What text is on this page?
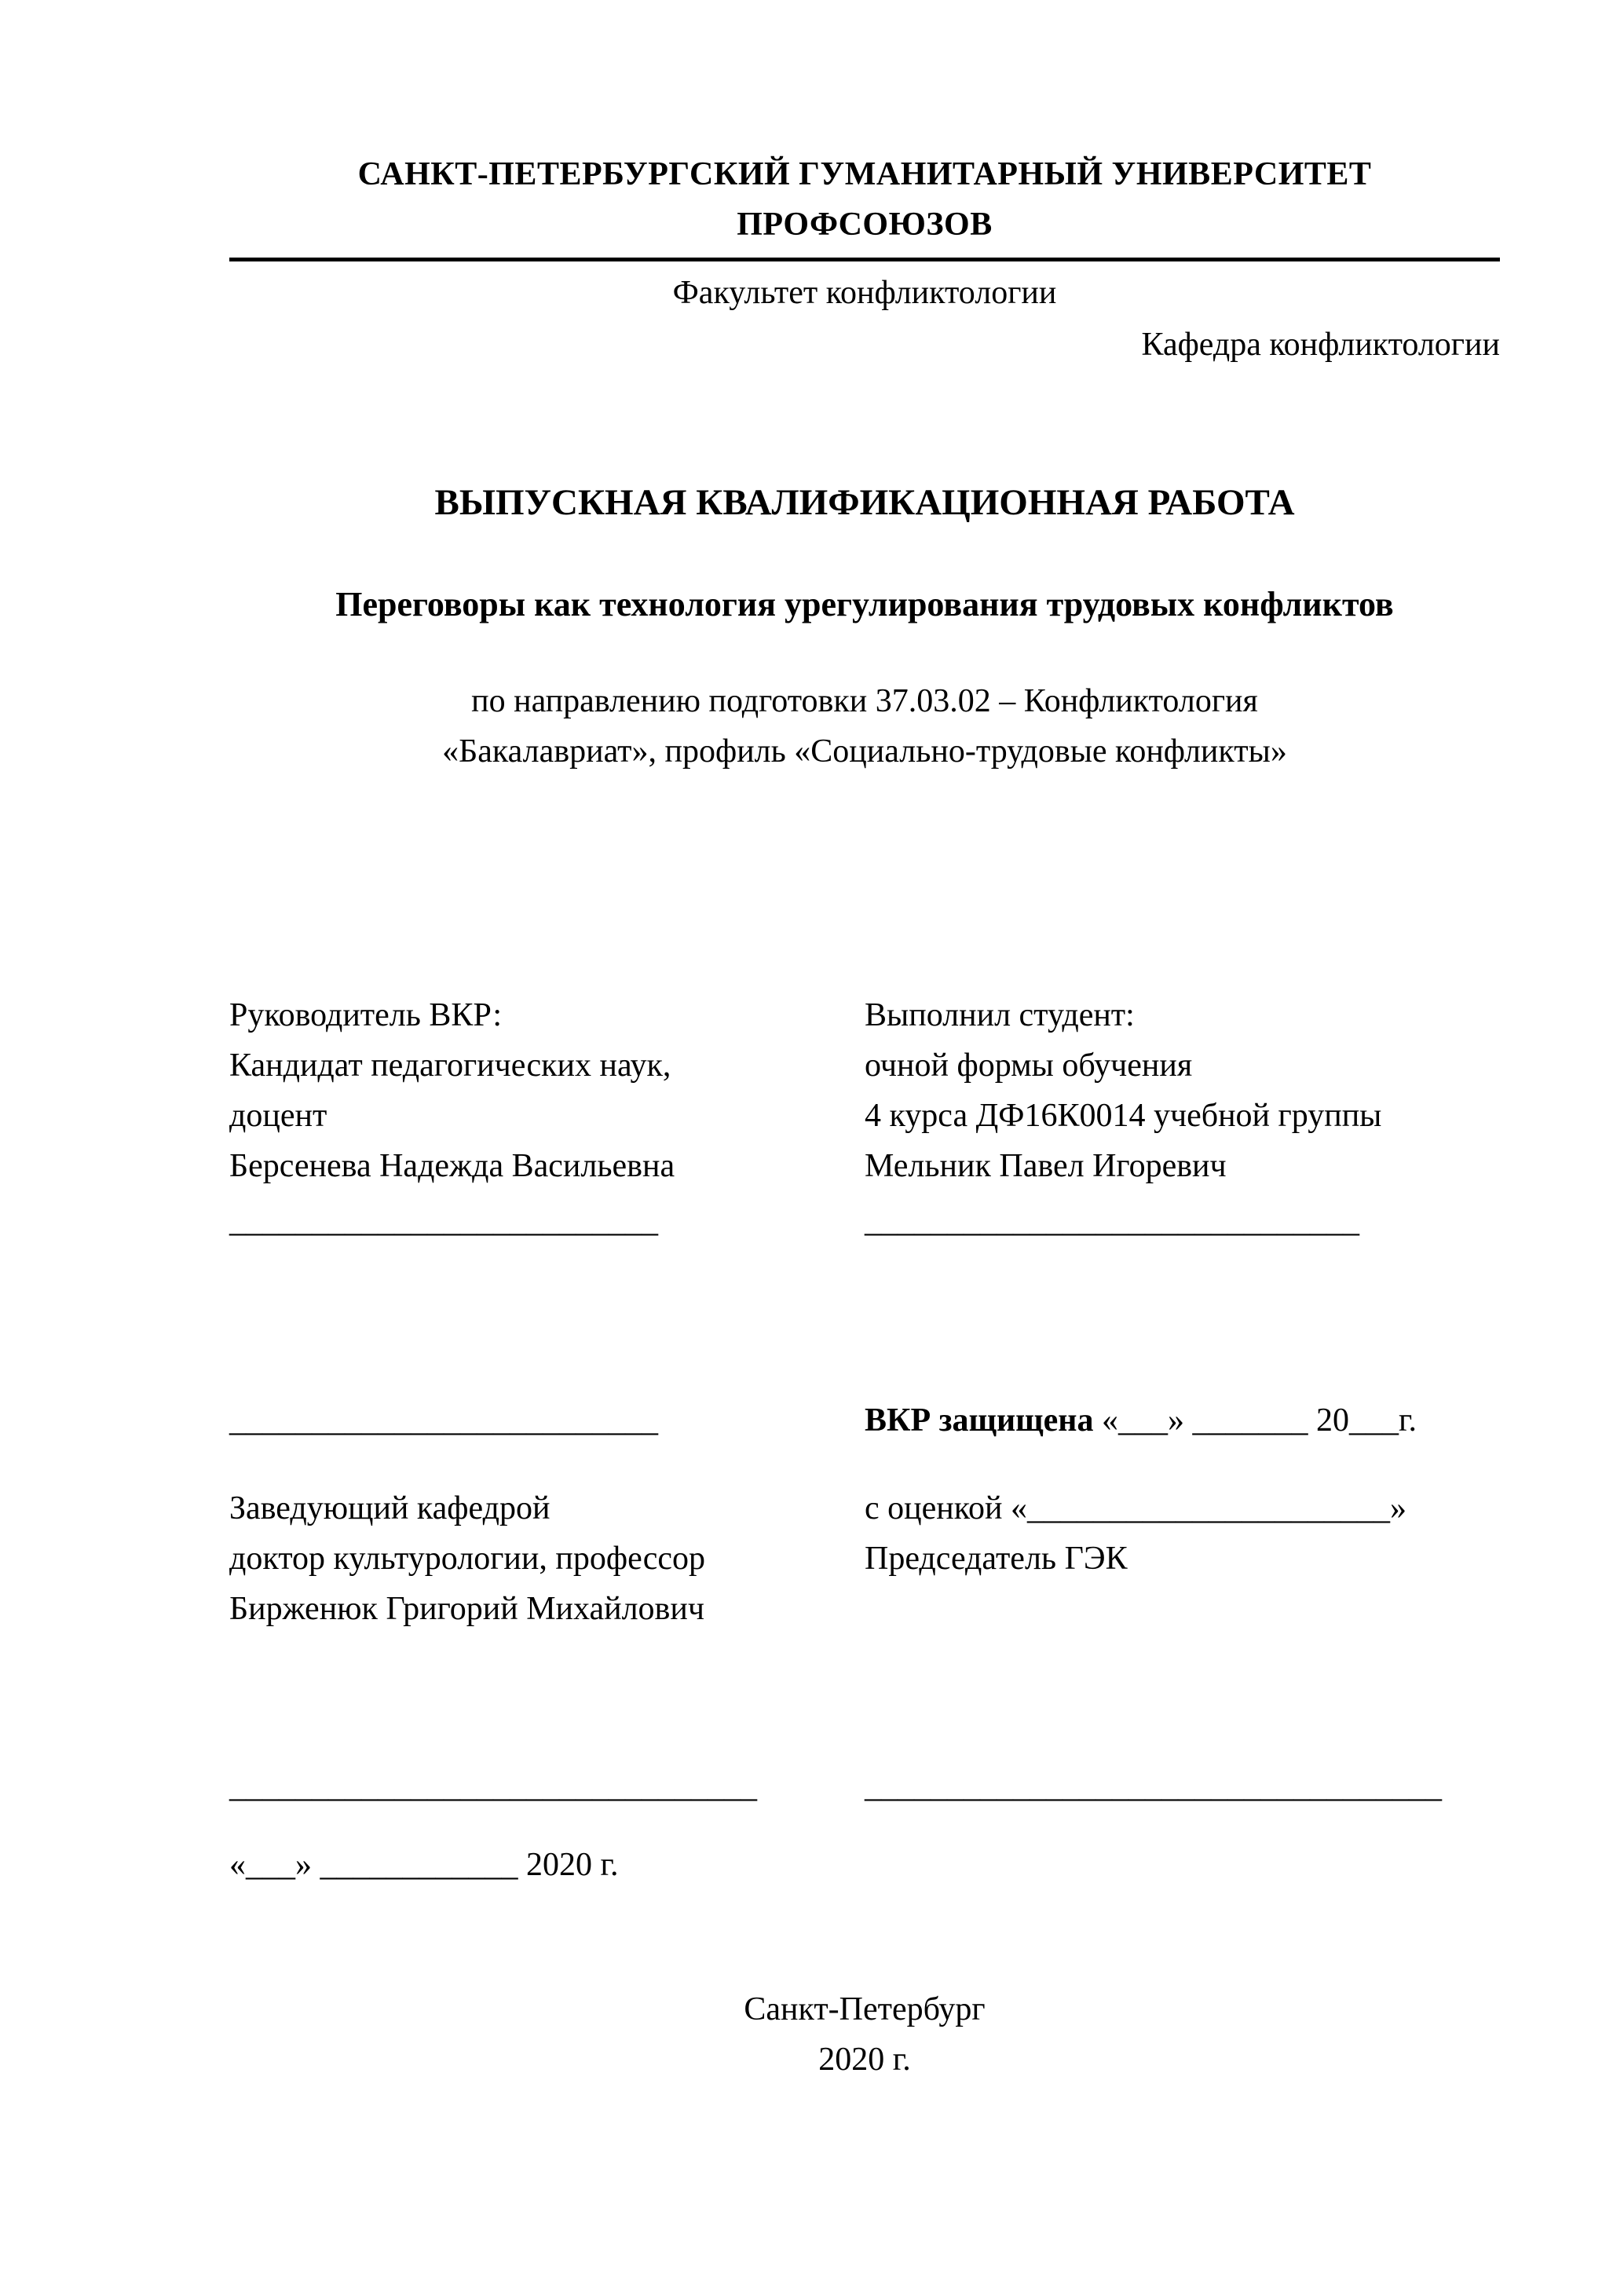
САНКТ-ПЕТЕРБУРГСКИЙ ГУМАНИТАРНЫЙ УНИВЕРСИТЕТ ПРОФСОЮЗОВ
Факультет конфликтологии
Кафедра конфликтологии
ВЫПУСКНАЯ КВАЛИФИКАЦИОННАЯ РАБОТА
Переговоры как технология урегулирования трудовых конфликтов
по направлению подготовки 37.03.02 – Конфликтология
«Бакалавриат», профиль «Социально-трудовые конфликты»
Руководитель ВКР:
Кандидат педагогических наук,
доцент
Берсенева Надежда Васильевна
__________________________
Выполнил студент:
очной формы обучения
4 курса ДФ16К0014 учебной группы
Мельник Павел Игоревич
______________________________
__________________________	ВКР защищена «___» _______ 20___г.
Заведующий кафедрой
доктор культурологии, профессор
Бирженюк Григорий Михайлович
с оценкой «______________________»
Председатель ГЭК
________________________________	___________________________________
«___» ____________ 2020 г.
Санкт-Петербург
2020 г.
